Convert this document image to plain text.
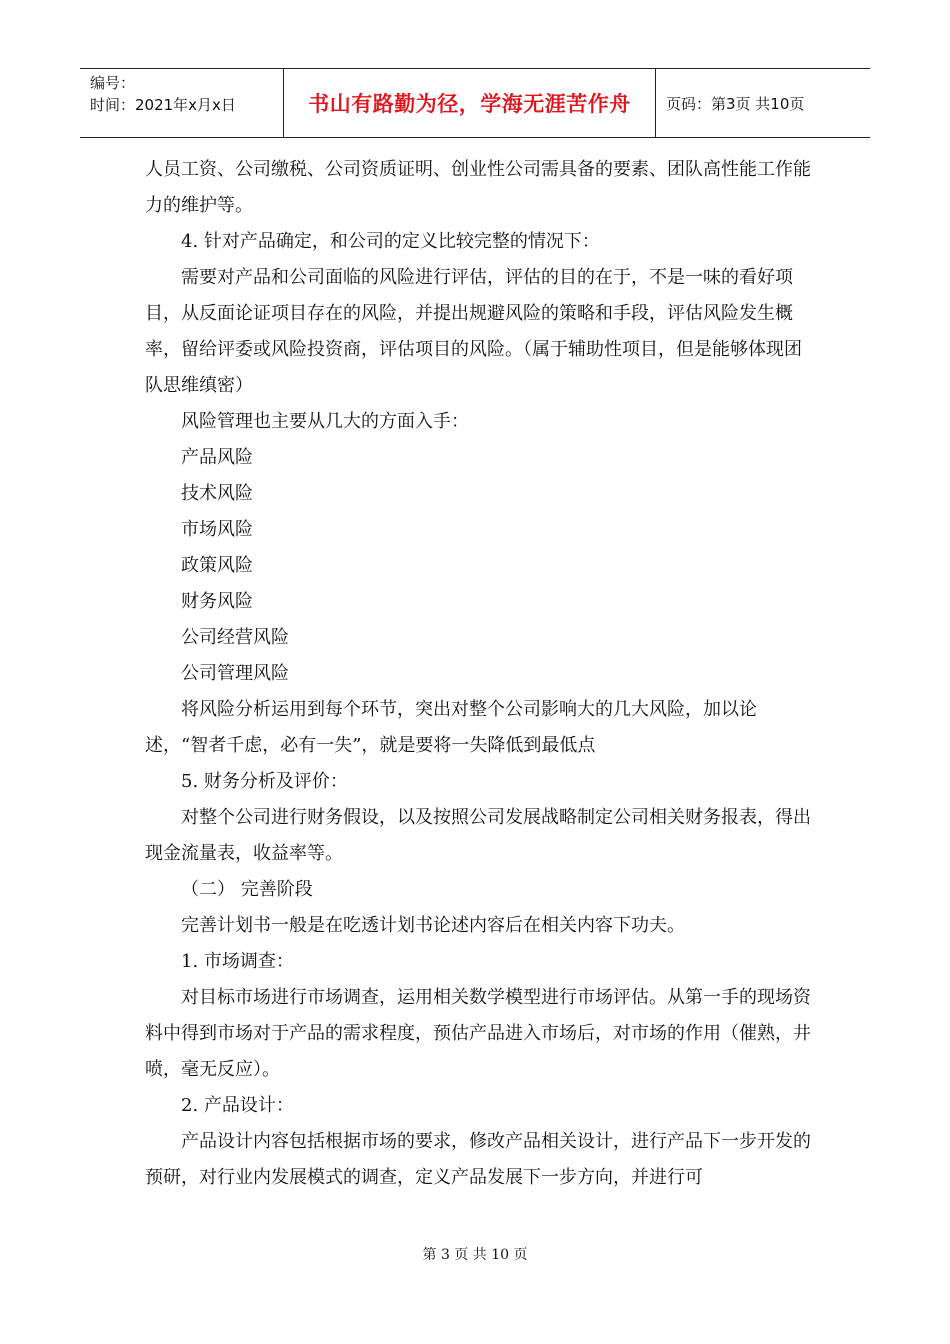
编号：
时间：2021年x月x日	书山有路勤为径，学海无涯苦作舟 页码：第3页 共10页

人员工资、公司缴税、公司资质证明、创业性公司需具备的要素、团队高性能工作能力的维护等。

4. 针对产品确定，和公司的定义比较完整的情况下：

需要对产品和公司面临的风险进行评估，评估的目的在于，不是一味的看好项目，从反面论证项目存在的风险，并提出规避风险的策略和手段，评估风险发生概率，留给评委或风险投资商，评估项目的风险。（属于辅助性项目，但是能够体现团队思维缜密）

风险管理也主要从几大的方面入手：

产品风险

技术风险

市场风险

政策风险

财务风险

公司经营风险

公司管理风险

将风险分析运用到每个环节，突出对整个公司影响大的几大风险，加以论述，“智者千虑，必有一失”，就是要将一失降低到最低点

5. 财务分析及评价：

对整个公司进行财务假设，以及按照公司发展战略制定公司相关财务报表，得出现金流量表，收益率等。

（二） 完善阶段

完善计划书一般是在吃透计划书论述内容后在相关内容下功夫。

1. 市场调查：

对目标市场进行市场调查，运用相关数学模型进行市场评估。从第一手的现场资料中得到市场对于产品的需求程度，预估产品进入市场后，对市场的作用（催熟，井喷，毫无反应）。

2. 产品设计：

产品设计内容包括根据市场的要求，修改产品相关设计，进行产品下一步开发的预研，对行业内发展模式的调查，定义产品发展下一步方向，并进行可

第 3 页 共 10 页
